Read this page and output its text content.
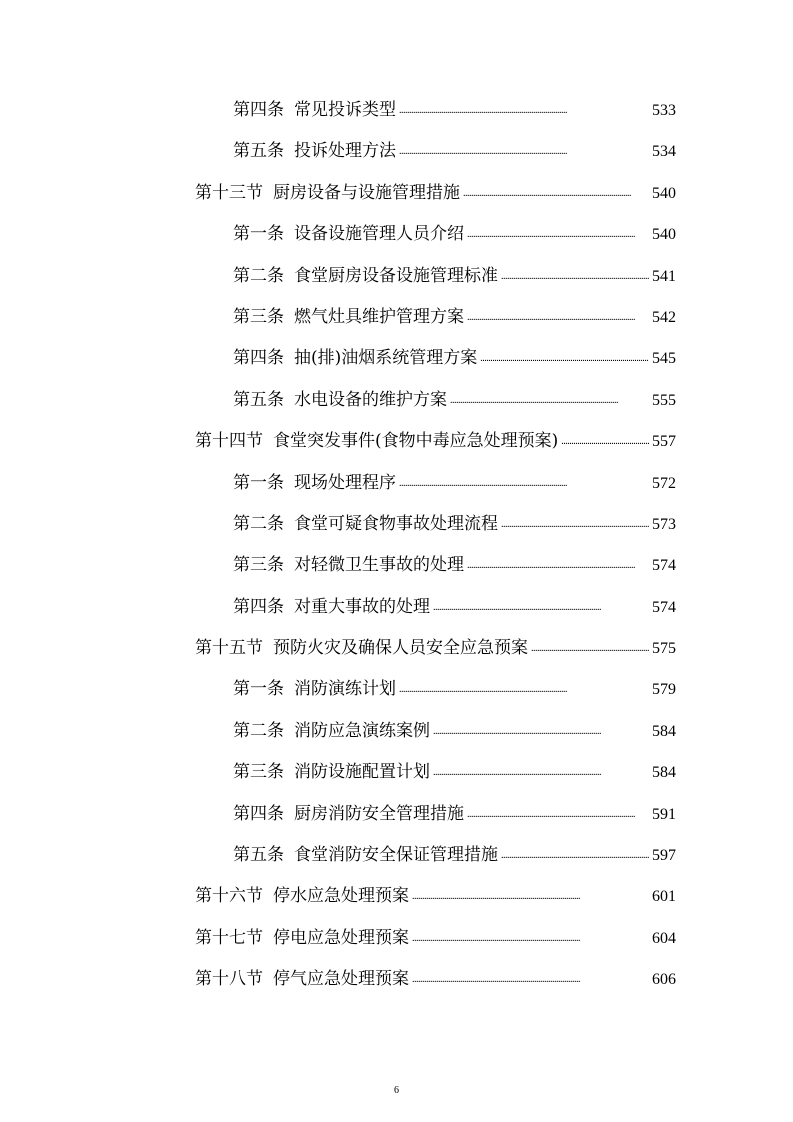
第四条 常见投诉类型 . . .	533
第五条 投诉处理方法 . . .	534
第十三节 厨房设备与设施管理措施 . . .	540
第一条 设备设施管理人员介绍 . . .	540
第二条 食堂厨房设备设施管理标准 . . .	541
第三条 燃气灶具维护管理方案 . . .	542
第四条 抽(排)油烟系统管理方案 . . .	545
第五条 水电设备的维护方案 . . .	555
第十四节 食堂突发事件(食物中毒应急处理预案) . . .	557
第一条 现场处理程序 . . .	572
第二条 食堂可疑食物事故处理流程 . . .	573
第三条 对轻微卫生事故的处理 . . .	574
第四条 对重大事故的处理 . . .	574
第十五节 预防火灾及确保人员安全应急预案 . . .	575
第一条 消防演练计划 . . .	579
第二条 消防应急演练案例 . . .	584
第三条 消防设施配置计划 . . .	584
第四条 厨房消防安全管理措施 . . .	591
第五条 食堂消防安全保证管理措施 . . .	597
第十六节 停水应急处理预案 . . .	601
第十七节 停电应急处理预案 . . .	604
第十八节 停气应急处理预案 . . .	606
6
